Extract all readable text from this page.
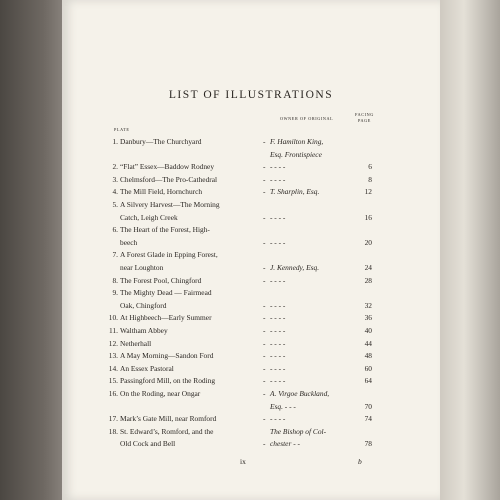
LIST OF ILLUSTRATIONS
PLATE
OWNER OF ORIGINAL
FACING
PAGE
1. Danbury—The Churchyard	F. Hamilton King,
-
Esq. Frontispiece
2. “Flat” Essex—Baddow Rodney	- - - -	6
-
3. Chelmsford—The Pro-Cathedral	- - - -	8
-
4. The Mill Field, Hornchurch	T. Sharplin, Esq.	12
-
5. A Silvery Harvest—The Morning
Catch, Leigh Creek	- - - -	16
-
6. The Heart of the Forest, High-
beech	- - - -	20
-
7. A Forest Glade in Epping Forest,
near Loughton	J. Kennedy, Esq.	24
-
8. The Forest Pool, Chingford	- - - -	28
-
9. The Mighty Dead — Fairmead
Oak, Chingford	- - - -	32
-
10. At Highbeech—Early Summer	- - - -	36
-
11. Waltham Abbey	- - - -	40
-
12. Netherhall	- - - -	44
-
13. A May Morning—Sandon Ford	- - - -	48
-
14. An Essex Pastoral	- - - -	60
-
15. Passingford Mill, on the Roding	- - - -	64
-
16. On the Roding, near Ongar	A. Virgoe Buckland,
-
Esq. - - -	70
17. Mark’s Gate Mill, near Romford	- - - -	74
-
18. St. Edward’s, Romford, and the	The Bishop of Col-
Old Cock and Bell	chester - -	78
-
ix	b
